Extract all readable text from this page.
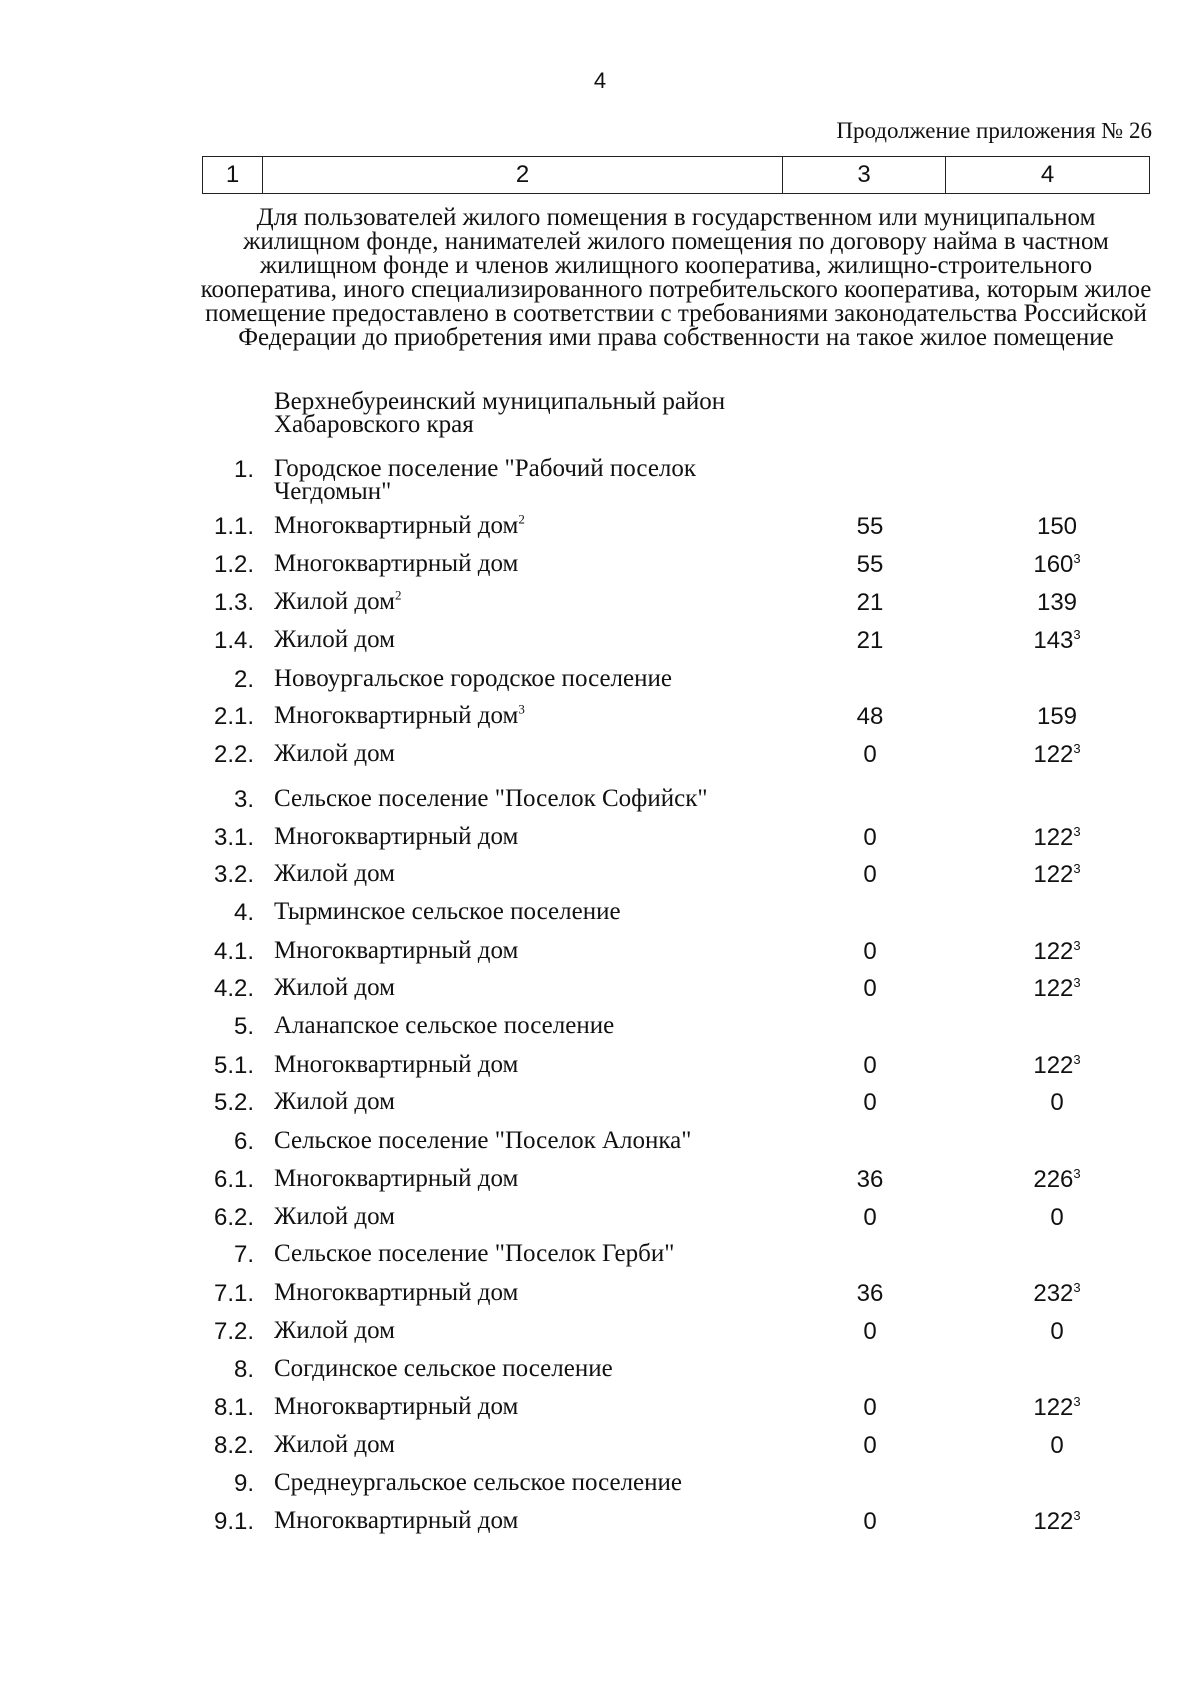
4
Продолжение приложения № 26
1	2	3	4
Для пользователей жилого помещения в государственном или муниципальном жилищном фонде, нанимателей жилого помещения по договору найма в частном жилищном фонде и членов жилищного кооператива, жилищно-строительного кооператива, иного специализированного потребительского кооператива, которым жилое помещение предоставлено в соответствии с требованиями законодательства Российской Федерации до приобретения ими права собственности на такое жилое помещение
Верхнебуреинский муниципальный район Хабаровского края
1. Городское поселение "Рабочий поселок Чегдомын"
1.1. Многоквартирный дом$^2$	55	150
1.2. Многоквартирный дом	55	$160^3$
1.3. Жилой дом$^2$	21	139
1.4. Жилой дом	21	$143^3$
2. Новоургальское городское поселение
2.1. Многоквартирный дом$^3$	48	159
2.2. Жилой дом	0	$122^3$
3. Сельское поселение "Поселок Софийск"
3.1. Многоквартирный дом	0	$122^3$
3.2. Жилой дом	0	$122^3$
4. Тырминское сельское поселение
4.1. Многоквартирный дом	0	$122^3$
4.2. Жилой дом	0	$122^3$
5. Аланапское сельское поселение
5.1. Многоквартирный дом	0	$122^3$
5.2. Жилой дом	0	0
6. Сельское поселение "Поселок Алонка"
6.1. Многоквартирный дом	36	$226^3$
6.2. Жилой дом	0	0
7. Сельское поселение "Поселок Герби"
7.1. Многоквартирный дом	36	$232^3$
7.2. Жилой дом	0	0
8. Согдинское сельское поселение
8.1. Многоквартирный дом	0	$122^3$
8.2. Жилой дом	0	0
9. Среднеургальское сельское поселение
9.1. Многоквартирный дом	0	$122^3$
